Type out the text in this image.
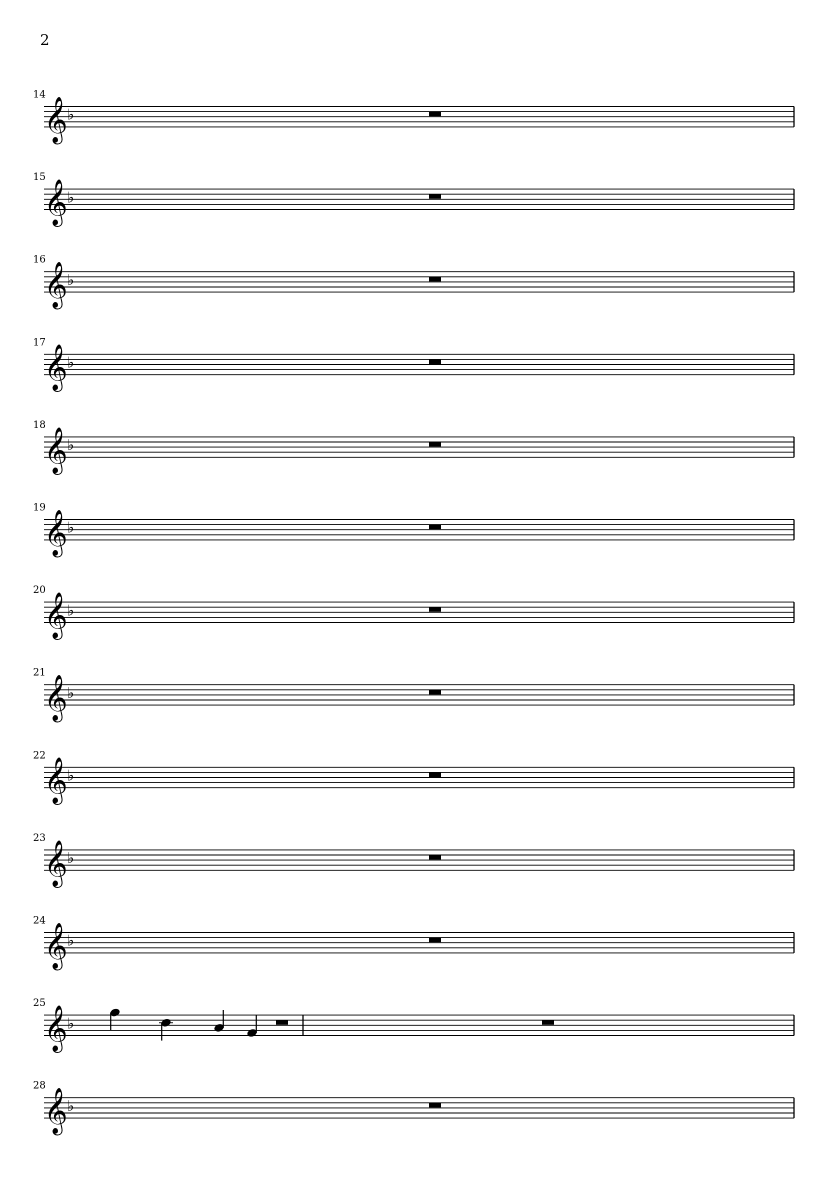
2
14
𝄞 ♭
15
𝄞 ♭
16
𝄞 ♭
17
𝄞 ♭
18
𝄞 ♭
19
𝄞 ♭
20
𝄞 ♭
21
𝄞 ♭
22
𝄞 ♭
23
𝄞 ♭
24
𝄞 ♭
25
𝄞 ♭
28
𝄞 ♭
